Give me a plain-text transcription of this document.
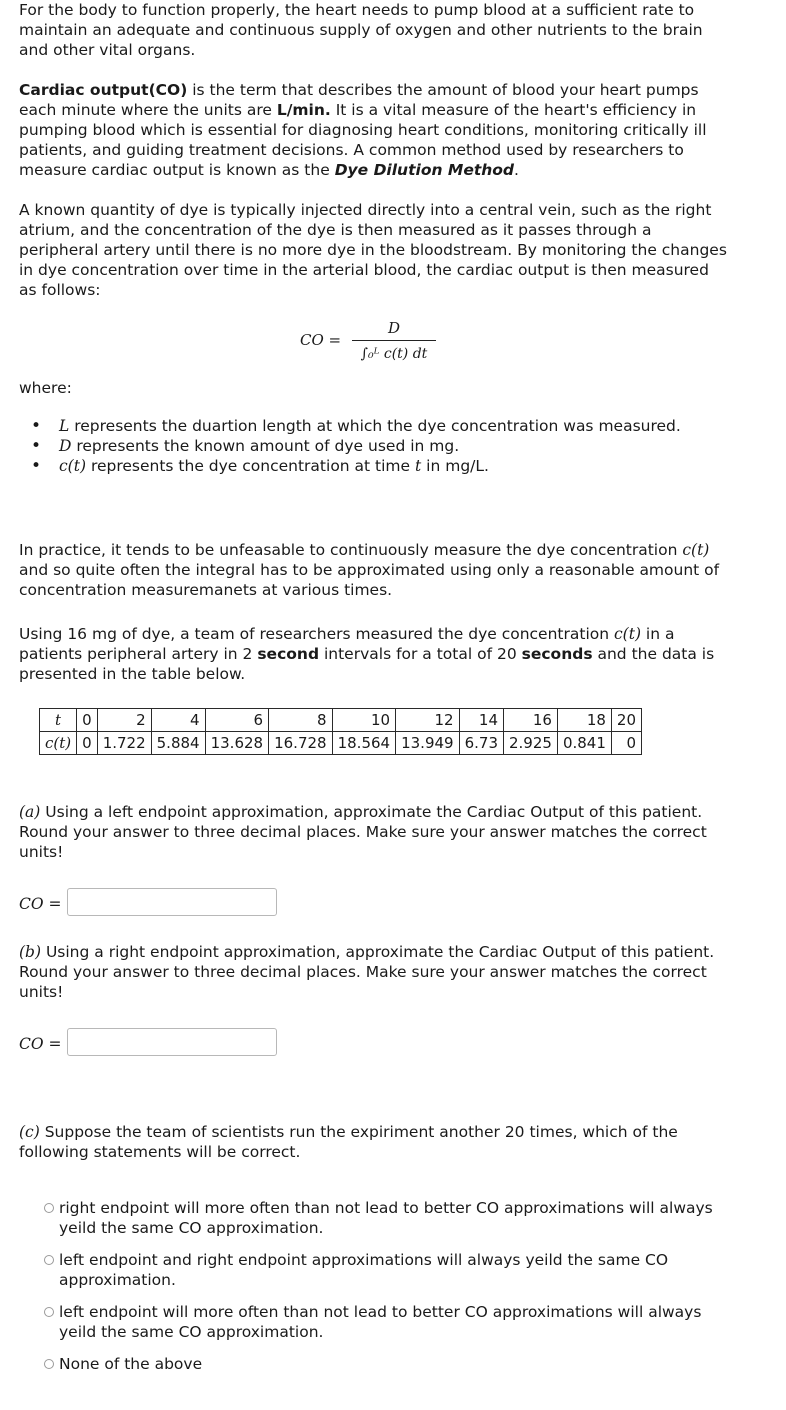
For the body to function properly, the heart needs to pump blood at a sufficient rate to maintain an adequate and continuous supply of oxygen and other nutrients to the brain and other vital organs.

Cardiac output(CO) is the term that describes the amount of blood your heart pumps each minute where the units are L/min. It is a vital measure of the heart's efficiency in pumping blood which is essential for diagnosing heart conditions, monitoring critically ill patients, and guiding treatment decisions. A common method used by researchers to measure cardiac output is known as the Dye Dilution Method.

A known quantity of dye is typically injected directly into a central vein, such as the right atrium, and the concentration of the dye is then measured as it passes through a peripheral artery until there is no more dye in the bloodstream. By monitoring the changes in dye concentration over time in the arterial blood, the cardiac output is then measured as follows:

CO =
D
∫₀ᴸ c(t) dt

where:

• L represents the duartion length at which the dye concentration was measured.
• D represents the known amount of dye used in mg.
• c(t) represents the dye concentration at time t in mg/L.

In practice, it tends to be unfeasable to continuously measure the dye concentration c(t) and so quite often the integral has to be approximated using only a reasonable amount of concentration measuremanets at various times.

Using 16 mg of dye, a team of researchers measured the dye concentration c(t) in a patients peripheral artery in 2 second intervals for a total of 20 seconds and the data is presented in the table below.

t	0	2	4	6	8	10	12	14	16	18	20
c(t)	0	1.722	5.884	13.628	16.728	18.564	13.949	6.73	2.925	0.841	0

(a) Using a left endpoint approximation, approximate the Cardiac Output of this patient. Round your answer to three decimal places. Make sure your answer matches the correct units!

CO =

(b) Using a right endpoint approximation, approximate the Cardiac Output of this patient. Round your answer to three decimal places. Make sure your answer matches the correct units!

CO =

(c) Suppose the team of scientists run the expiriment another 20 times, which of the following statements will be correct.

right endpoint will more often than not lead to better CO approximations will always yeild the same CO approximation.
left endpoint and right endpoint approximations will always yeild the same CO approximation.
left endpoint will more often than not lead to better CO approximations will always yeild the same CO approximation.
None of the above
